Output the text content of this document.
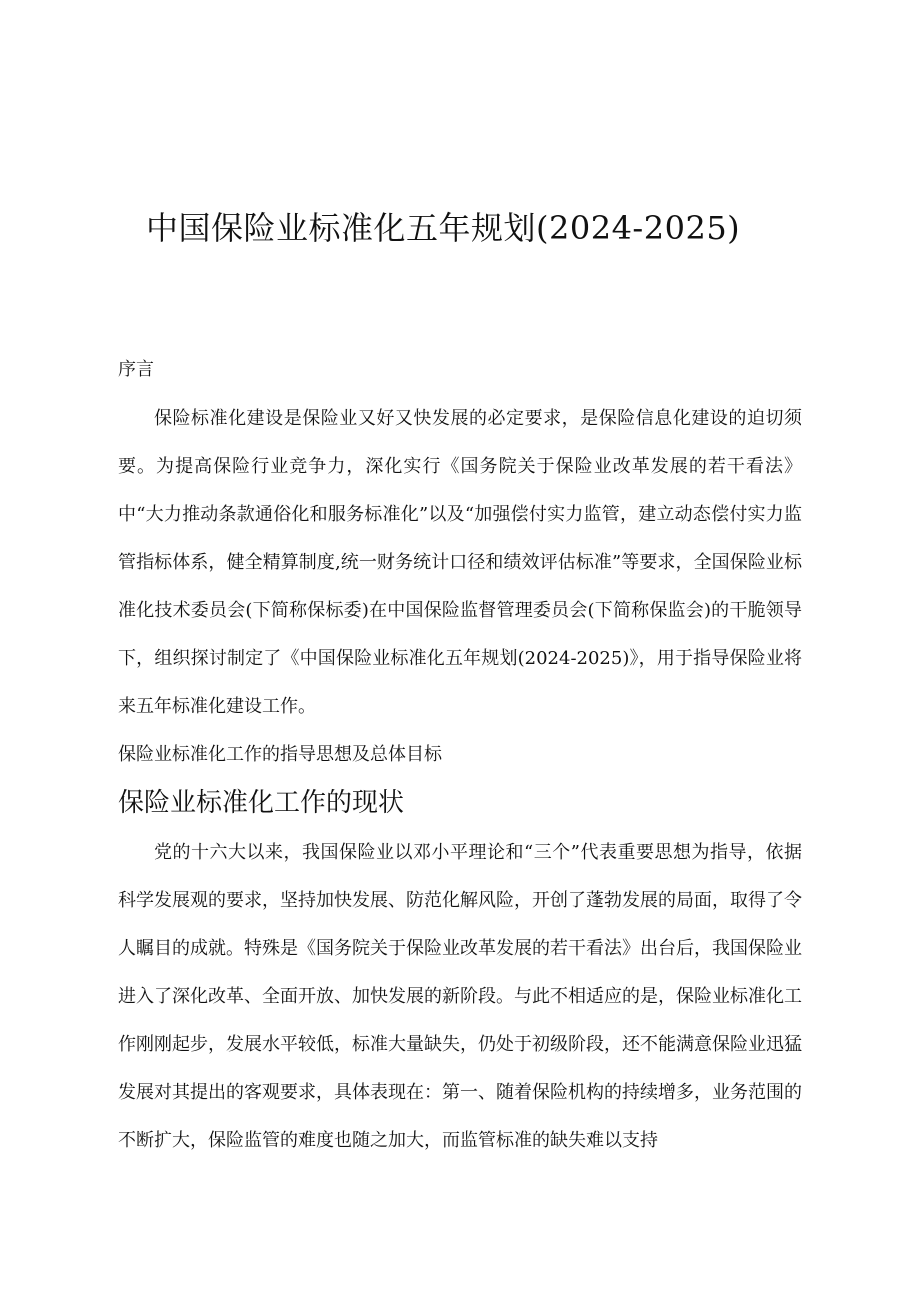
中国保险业标准化五年规划(2024-2025)

序言

保险标准化建设是保险业又好又快发展的必定要求，是保险信息化建设的迫切须要。为提高保险行业竞争力，深化实行《国务院关于保险业改革发展的若干看法》中“大力推动条款通俗化和服务标准化”以及“加强偿付实力监管，建立动态偿付实力监管指标体系，健全精算制度,统一财务统计口径和绩效评估标准”等要求，全国保险业标准化技术委员会(下简称保标委)在中国保险监督管理委员会(下简称保监会)的干脆领导下，组织探讨制定了《中国保险业标准化五年规划(2024-2025)》，用于指导保险业将来五年标准化建设工作。

保险业标准化工作的指导思想及总体目标

保险业标准化工作的现状

党的十六大以来，我国保险业以邓小平理论和“三个”代表重要思想为指导，依据科学发展观的要求，坚持加快发展、防范化解风险，开创了蓬勃发展的局面，取得了令人瞩目的成就。特殊是《国务院关于保险业改革发展的若干看法》出台后，我国保险业进入了深化改革、全面开放、加快发展的新阶段。与此不相适应的是，保险业标准化工作刚刚起步，发展水平较低，标准大量缺失，仍处于初级阶段，还不能满意保险业迅猛发展对其提出的客观要求，具体表现在：第一、随着保险机构的持续增多，业务范围的不断扩大，保险监管的难度也随之加大，而监管标准的缺失难以支持
